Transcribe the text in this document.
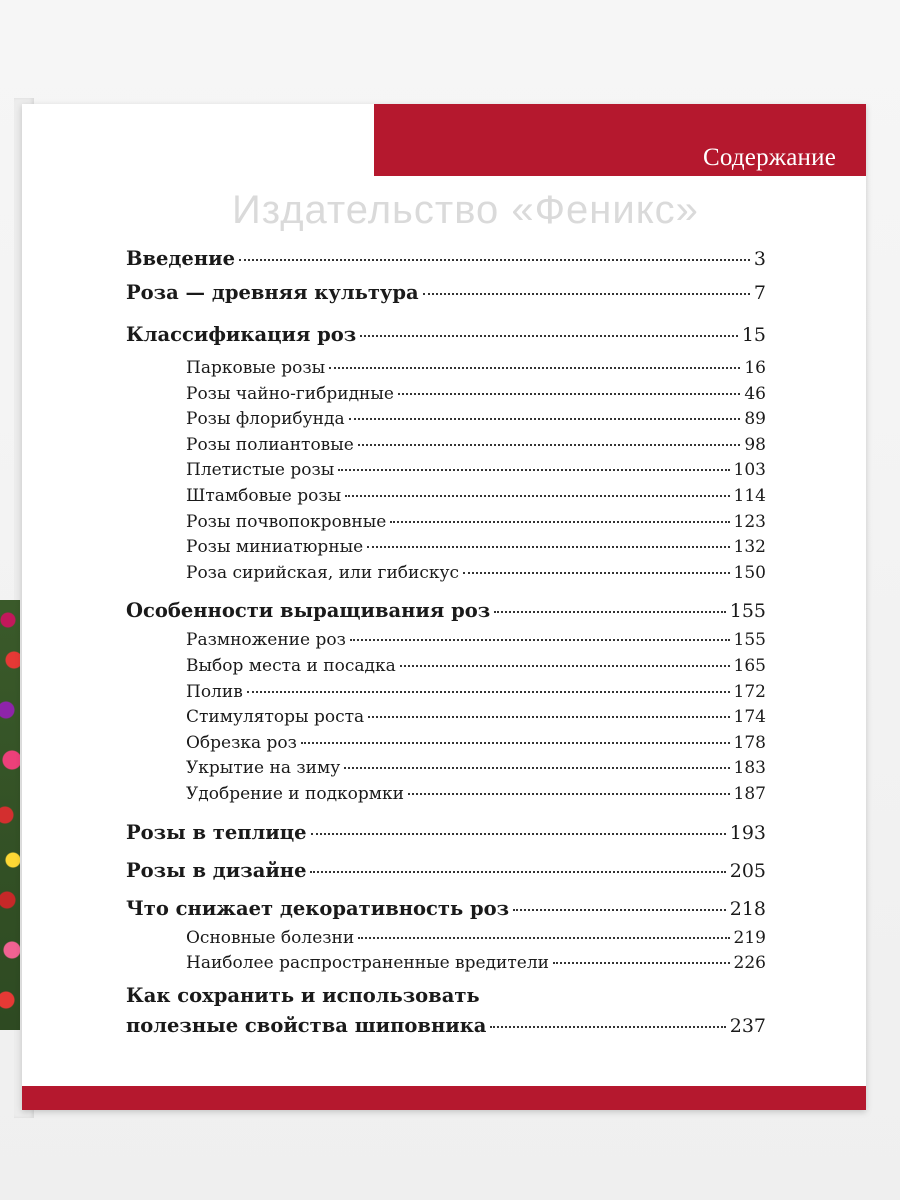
Содержание
Издательство «Феникс»
Введение	3
Роза — древняя культура	7
Классификация роз	15
Парковые розы	16
Розы чайно-гибридные	46
Розы флорибунда	89
Розы полиантовые	98
Плетистые розы	103
Штамбовые розы	114
Розы почвопокровные	123
Розы миниатюрные	132
Роза сирийская, или гибискус	150
Особенности выращивания роз	155
Размножение роз	155
Выбор места и посадка	165
Полив	172
Стимуляторы роста	174
Обрезка роз	178
Укрытие на зиму	183
Удобрение и подкормки	187
Розы в теплице	193
Розы в дизайне	205
Что снижает декоративность роз	218
Основные болезни	219
Наиболее распространенные вредители	226
Как сохранить и использовать
полезные свойства шиповника	237
